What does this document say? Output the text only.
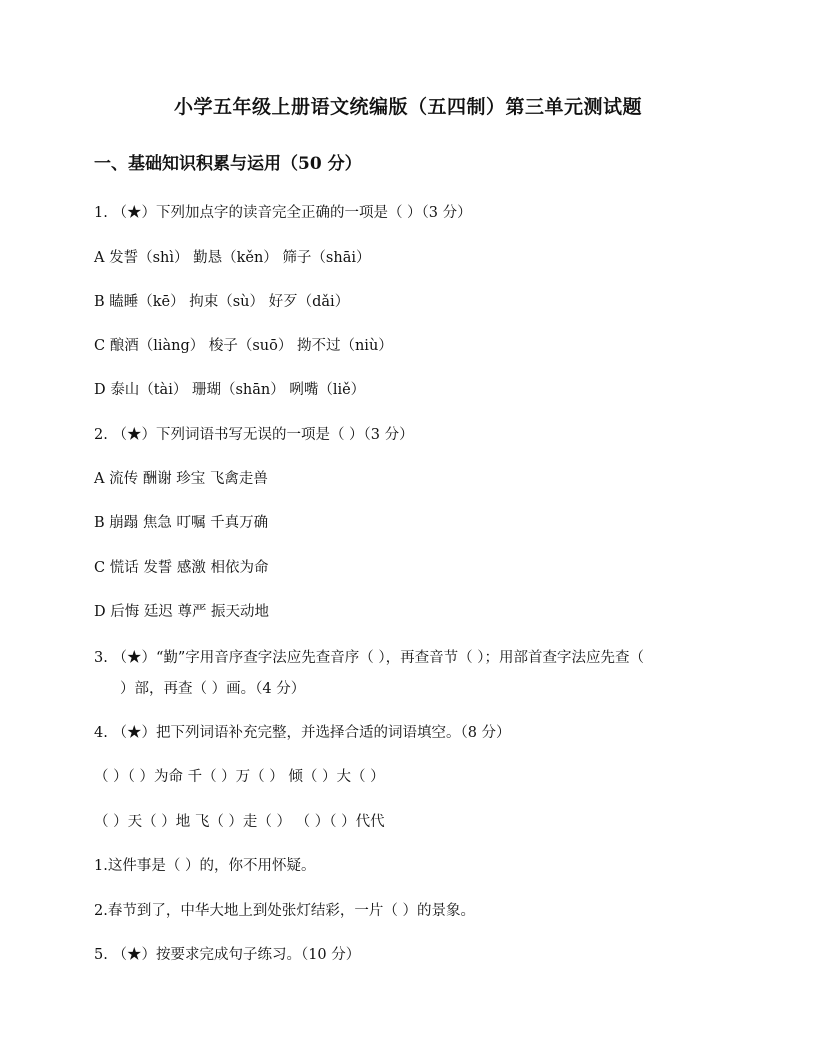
小学五年级上册语文统编版（五四制）第三单元测试题
一、基础知识积累与运用（50 分）
1. （★）下列加点字的读音完全正确的一项是（ ）（3 分）
A 发誓（shì） 勤恳（kěn） 筛子（shāi）
B 瞌睡（kē） 拘束（sù） 好歹（dǎi）
C 酿酒（liàng） 梭子（suō） 拗不过（niù）
D 泰山（tài） 珊瑚（shān） 咧嘴（liě）
2. （★）下列词语书写无误的一项是（ ）（3 分）
A 流传 酬谢 珍宝 飞禽走兽
B 崩蹋 焦急 叮嘱 千真万确
C 慌话 发誓 感激 相依为命
D 后悔 廷迟 尊严 振天动地
3. （★）“勤”字用音序查字法应先查音序（ ），再查音节（ ）；用部首查字法应先查（
）部，再查（ ）画。（4 分）
4. （★）把下列词语补充完整，并选择合适的词语填空。（8 分）
（ ）（ ）为命 千（ ）万（ ） 倾（ ）大（ ）
（ ）天（ ）地 飞（ ）走（ ） （ ）（ ）代代
1.这件事是（ ）的，你不用怀疑。
2.春节到了，中华大地上到处张灯结彩，一片（ ）的景象。
5. （★）按要求完成句子练习。（10 分）
